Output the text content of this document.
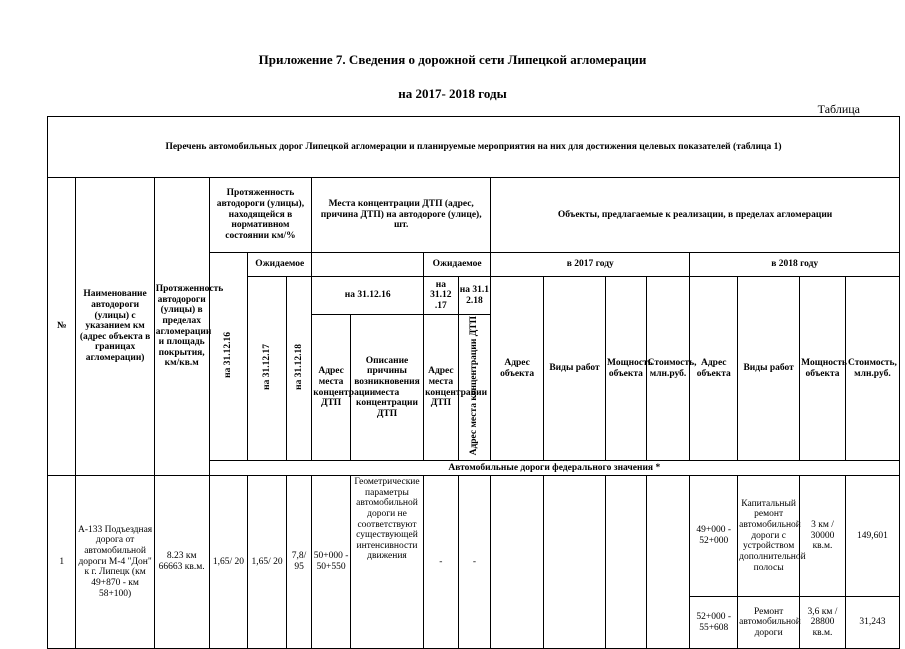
Приложение 7. Сведения о дорожной сети Липецкой агломерации
на 2017- 2018 годы
Таблица
Перечень автомобильных дорог Липецкой агломерации и планируемые мероприятия на них для достижения целевых показателей (таблица 1)																	
№	Наименование автодороги (улицы) с указанием км (адрес объекта в границах агломерации)	Протяженность автодороги (улицы) в пределах агломерации и площадь покрытия, км/кв.м	Протяженность автодороги (улицы), находящейся в нормативном состоянии км/%			Места концентрации ДТП (адрес, причина ДТП) на автодороге (улице), шт.				Объекты, предлагаемые к реализации, в пределах агломерации							
			на 31.12.16	Ожидаемое				Ожидаемое		в 2017 году				в 2018 году			
				на 31.12.17	на 31.12.18	на 31.12.16		на 31.12 .17	на 31.1 2.18	Адрес объекта	Виды работ	Мощность объекта	Стоимость, млн.руб.	Адрес объекта	Виды работ	Мощность объекта	Стоимость, млн.руб.
						Адрес места концентрации ДТП	Описание причины возникновения места концентрации ДТП	Адрес места концентрации ДТП	Адрес места концентрации ДТП								
			Автомобильные дороги федерального значения *														
1	А-133 Подъездная дорога от автомобильной дороги М-4 "Дон" к г. Липецк (км 49+870 - км 58+100)	8.23 км 66663 кв.м.	1,65/ 20	1,65/ 20	7,8/ 95	50+000 - 50+550	Геометрические параметры автомобильной дороги не соответствуют существующей интенсивности движения	-	-					49+000 - 52+000	Капитальный ремонт автомобильной дороги с устройством дополнительной полосы	3 км / 30000 кв.м.	149,601
														52+000 - 55+608	Ремонт автомобильной дороги	3,6 км / 28800 кв.м.	31,243
